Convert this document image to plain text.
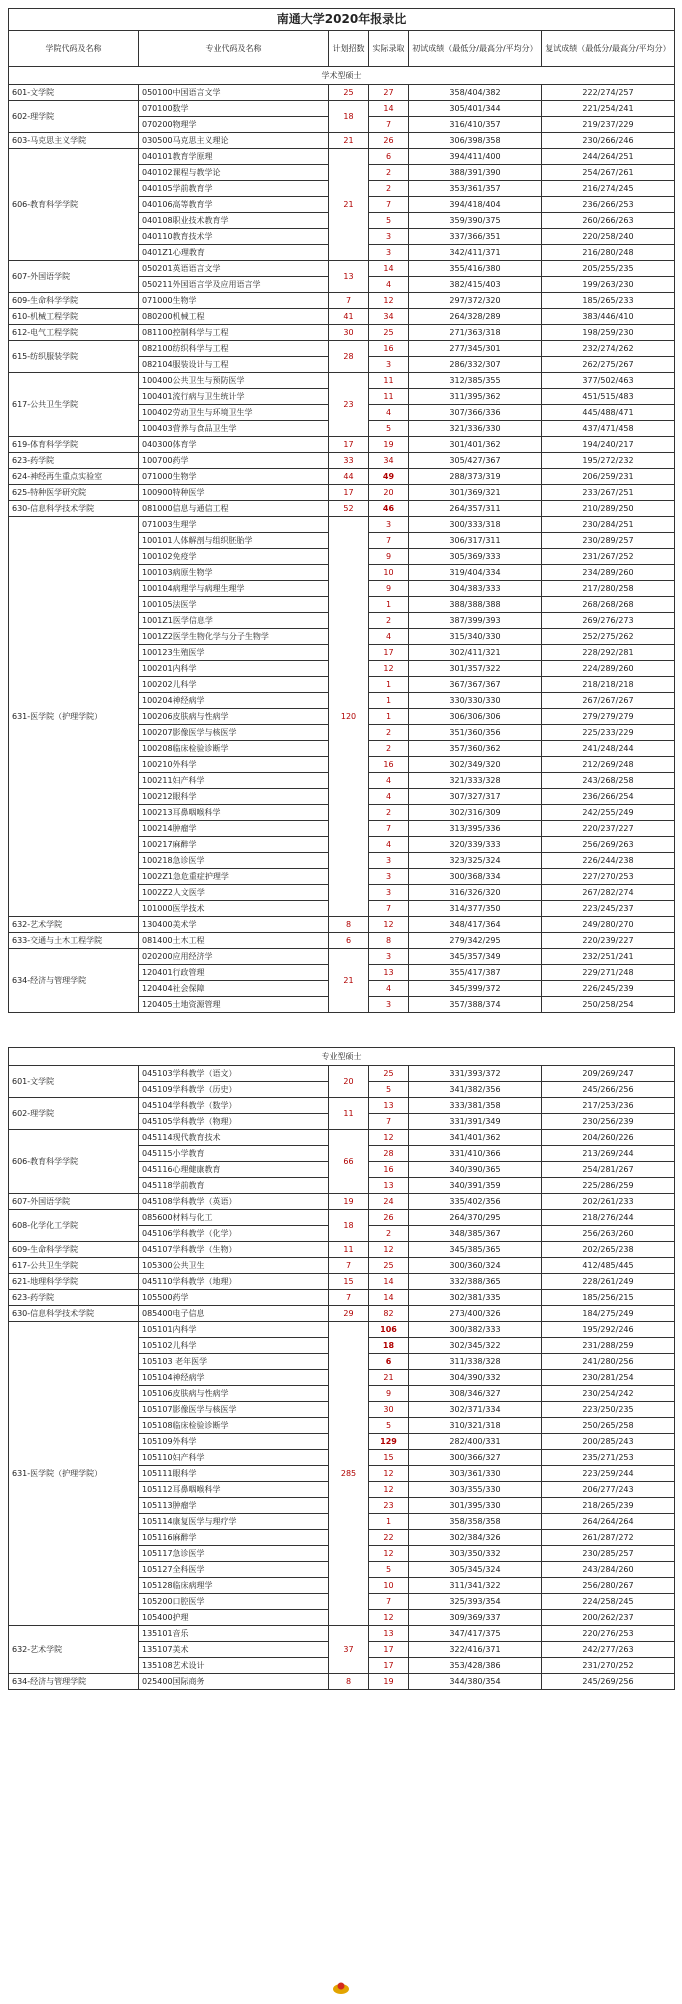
南通大学2020年报录比					
学院代码及名称	专业代码及名称	计划招数	实际录取	初试成绩（最低分/最高分/平均分）	复试成绩（最低分/最高分/平均分）
学术型硕士					
601-文学院	050100中国语言文学	25	27	358/404/382	222/274/257
602-理学院	070100数学	18	14	305/401/344	221/254/241
	070200物理学		7	316/410/357	219/237/229
603-马克思主义学院	030500马克思主义理论	21	26	306/398/358	230/266/246
606-教育科学学院	040101教育学原理	21	6	394/411/400	244/264/251
	040102课程与教学论		2	388/391/390	254/267/261
	040105学前教育学		2	353/361/357	216/274/245
	040106高等教育学		7	394/418/404	236/266/253
	040108职业技术教育学		5	359/390/375	260/266/263
	040110教育技术学		3	337/366/351	220/258/240
	0401Z1心理教育		3	342/411/371	216/280/248
607-外国语学院	050201英语语言文学	13	14	355/416/380	205/255/235
	050211外国语言学及应用语言学		4	382/415/403	199/263/230
609-生命科学学院	071000生物学	7	12	297/372/320	185/265/233
610-机械工程学院	080200机械工程	41	34	264/328/289	383/446/410
612-电气工程学院	081100控制科学与工程	30	25	271/363/318	198/259/230
615-纺织服装学院	082100纺织科学与工程	28	16	277/345/301	232/274/262
	082104服装设计与工程		3	286/332/307	262/275/267
617-公共卫生学院	100400公共卫生与预防医学	23	11	312/385/355	377/502/463
	100401流行病与卫生统计学		11	311/395/362	451/515/483
	100402劳动卫生与环境卫生学		4	307/366/336	445/488/471
	100403营养与食品卫生学		5	321/336/330	437/471/458
619-体育科学学院	040300体育学	17	19	301/401/362	194/240/217
623-药学院	100700药学	33	34	305/427/367	195/272/232
624-神经再生重点实验室	071000生物学	44	49	288/373/319	206/259/231
625-特种医学研究院	100900特种医学	17	20	301/369/321	233/267/251
630-信息科学技术学院	081000信息与通信工程	52	46	264/357/311	210/289/250
631-医学院（护理学院）	071003生理学	120	3	300/333/318	230/284/251
	100101人体解剖与组织胚胎学		7	306/317/311	230/289/257
	100102免疫学		9	305/369/333	231/267/252
	100103病原生物学		10	319/404/334	234/289/260
	100104病理学与病理生理学		9	304/383/333	217/280/258
	100105法医学		1	388/388/388	268/268/268
	1001Z1医学信息学		2	387/399/393	269/276/273
	1001Z2医学生物化学与分子生物学		4	315/340/330	252/275/262
	100123生殖医学		17	302/411/321	228/292/281
	100201内科学		12	301/357/322	224/289/260
	100202儿科学		1	367/367/367	218/218/218
	100204神经病学		1	330/330/330	267/267/267
	100206皮肤病与性病学		1	306/306/306	279/279/279
	100207影像医学与核医学		2	351/360/356	225/233/229
	100208临床检验诊断学		2	357/360/362	241/248/244
	100210外科学		16	302/349/320	212/269/248
	100211妇产科学		4	321/333/328	243/268/258
	100212眼科学		4	307/327/317	236/266/254
	100213耳鼻咽喉科学		2	302/316/309	242/255/249
	100214肿瘤学		7	313/395/336	220/237/227
	100217麻醉学		4	320/339/333	256/269/263
	100218急诊医学		3	323/325/324	226/244/238
	1002Z1急危重症护理学		3	300/368/334	227/270/253
	1002Z2人文医学		3	316/326/320	267/282/274
	101000医学技术		7	314/377/350	223/245/237
632-艺术学院	130400美术学	8	12	348/417/364	249/280/270
633-交通与土木工程学院	081400土木工程	6	8	279/342/295	220/239/227
634-经济与管理学院	020200应用经济学	21	3	345/357/349	232/251/241
	120401行政管理		13	355/417/387	229/271/248
	120404社会保障		4	345/399/372	226/245/239
	120405土地资源管理		3	357/388/374	250/258/254
专业型硕士					
601-文学院	045103学科教学（语文）	20	25	331/393/372	209/269/247
	045109学科教学（历史）		5	341/382/356	245/266/256
602-理学院	045104学科教学（数学）	11	13	333/381/358	217/253/236
	045105学科教学（物理）		7	331/391/349	230/256/239
606-教育科学学院	045114现代教育技术	66	12	341/401/362	204/260/226
	045115小学教育		28	331/410/366	213/269/244
	045116心理健康教育		16	340/390/365	254/281/267
	045118学前教育		13	340/391/359	225/286/259
607-外国语学院	045108学科教学（英语）	19	24	335/402/356	202/261/233
608-化学化工学院	085600材料与化工	18	26	264/370/295	218/276/244
	045106学科教学（化学）		2	348/385/367	256/263/260
609-生命科学学院	045107学科教学（生物）	11	12	345/385/365	202/265/238
617-公共卫生学院	105300公共卫生	7	25	300/360/324	412/485/445
621-地理科学学院	045110学科教学（地理）	15	14	332/388/365	228/261/249
623-药学院	105500药学	7	14	302/381/335	185/256/215
630-信息科学技术学院	085400电子信息	29	82	273/400/326	184/275/249
631-医学院（护理学院）	105101内科学	285	106	300/382/333	195/292/246
	105102儿科学		18	302/345/322	231/288/259
	105103 老年医学		6	311/338/328	241/280/256
	105104神经病学		21	304/390/332	230/281/254
	105106皮肤病与性病学		9	308/346/327	230/254/242
	105107影像医学与核医学		30	302/371/334	223/250/235
	105108临床检验诊断学		5	310/321/318	250/265/258
	105109外科学		129	282/400/331	200/285/243
	105110妇产科学		15	300/366/327	235/271/253
	105111眼科学		12	303/361/330	223/259/244
	105112耳鼻咽喉科学		12	303/355/330	206/277/243
	105113肿瘤学		23	301/395/330	218/265/239
	105114康复医学与理疗学		1	358/358/358	264/264/264
	105116麻醉学		22	302/384/326	261/287/272
	105117急诊医学		12	303/350/332	230/285/257
	105127全科医学		5	305/345/324	243/284/260
	105128临床病理学		10	311/341/322	256/280/267
	105200口腔医学		7	325/393/354	224/258/245
	105400护理		12	309/369/337	200/262/237
632-艺术学院	135101音乐	37	13	347/417/375	220/276/253
	135107美术		17	322/416/371	242/277/263
	135108艺术设计		17	353/428/386	231/270/252
634-经济与管理学院	025400国际商务	8	19	344/380/354	245/269/256
